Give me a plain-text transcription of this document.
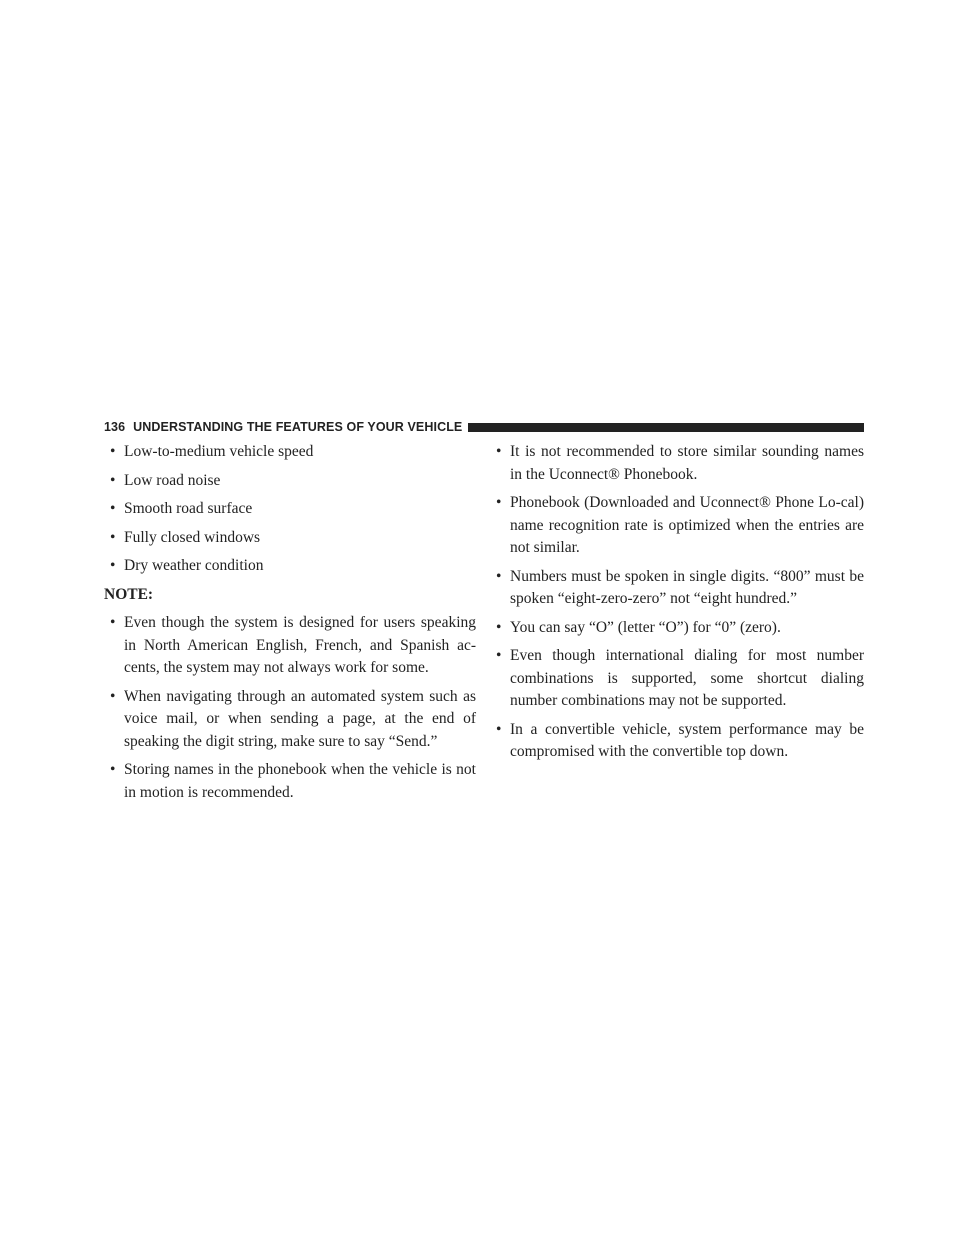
136 UNDERSTANDING THE FEATURES OF YOUR VEHICLE
• Low-to-medium vehicle speed
• Low road noise
• Smooth road surface
• Fully closed windows
• Dry weather condition
NOTE:
• Even though the system is designed for users speaking in North American English, French, and Spanish ac-cents, the system may not always work for some.
• When navigating through an automated system such as voice mail, or when sending a page, at the end of speaking the digit string, make sure to say “Send.”
• Storing names in the phonebook when the vehicle is not in motion is recommended.
• It is not recommended to store similar sounding names in the Uconnect® Phonebook.
• Phonebook (Downloaded and Uconnect® Phone Lo-cal) name recognition rate is optimized when the entries are not similar.
• Numbers must be spoken in single digits. “800” must be spoken “eight-zero-zero” not “eight hundred.”
• You can say “O” (letter “O”) for “0” (zero).
• Even though international dialing for most number combinations is supported, some shortcut dialing number combinations may not be supported.
• In a convertible vehicle, system performance may be compromised with the convertible top down.
